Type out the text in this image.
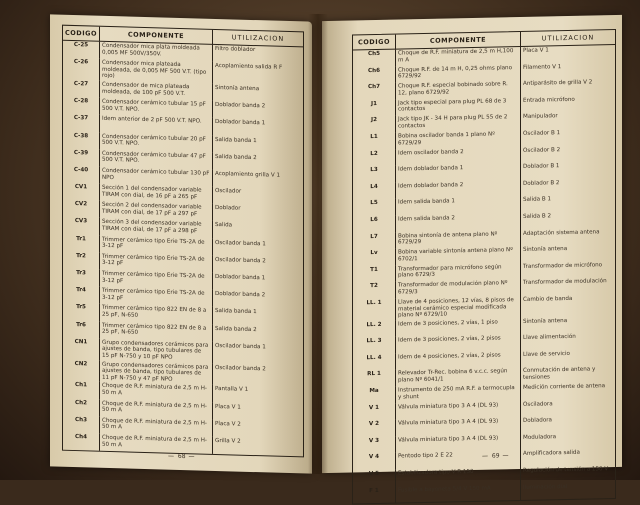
CODIGO	COMPONENTE	UTILIZACION
C-25	Condensador mica plata moldeada 0,005 MF 500V/350V.	Filtro doblador
C-26	Condensador mica plateada moldeada, de 0,005 MF 500 V.T. (tipo rojo)	Acoplamiento salida R F
C-27	Condensador de mica plateada moldeada, de 100 pF 500 V.T.	Sintonía antena
C-28	Condensador cerámico tubular 15 pF 500 V.T. NPO.	Doblador banda 2
C-37	Idem anterior de 2 pF 500 V.T. NPO.	Doblador banda 1
C-38	Condensador cerámico tubular 20 pF 500 V.T. NPO.	Salida banda 1
C-39	Condensador cerámico tubular 47 pF 500 V.T. NPO.	Salida banda 2
C-40	Condensador cerámico tubular 130 pF NPO	Acoplamiento grilla V 1
CV1	Sección 1 del condensador variable TIRAM con dial, de 16 pF a 265 pF	Oscilador
CV2	Sección 2 del condensador variable TIRAM con dial, de 17 pF a 297 pF	Doblador
CV3	Sección 3 del condensador variable TIRAM con dial, de 17 pF a 298 pF	Salida
Tr1	Trimmer cerámico tipo Erie TS-2A de 3-12 pF	Oscilador banda 1
Tr2	Trimmer cerámico tipo Erie TS-2A de 3-12 pF	Oscilador banda 2
Tr3	Trimmer cerámico tipo Erie TS-2A de 3-12 pF	Doblador banda 1
Tr4	Trimmer cerámico tipo Erie TS-2A de 3-12 pF	Doblador banda 2
Tr5	Trimmer cerámico tipo 822 EN de 8 a 25 pF, N-650	Salida banda 1
Tr6	Trimmer cerámico tipo 822 EN de 8 a 25 pF, N-650	Salida banda 2
CN1	Grupo condensadores cerámicos para ajustes de banda, tipo tubulares de 15 pF N-750 y 10 pF NPO	Oscilador banda 1
CN2	Grupo condensadores cerámicos para ajustes de banda, tipo tubulares de 11 pF N-750 y 47 pF NPO	Oscilador banda 2
Ch1	Choque de R.F. miniatura de 2,5 m H-50 m A	Pantalla V 1
Ch2	Choque de R.F. miniatura de 2,5 m H-50 m A	Placa V 1
Ch3	Choque de R.F. miniatura de 2,5 m H-50 m A	Placa V 2
Ch4	Choque de R.F. miniatura de 2,5 m H-50 m A	Grilla V 2
— 68 —
CODIGO	COMPONENTE	UTILIZACION
Ch5	Choque de R.F. miniatura de 2,5 m H,100 m A	Placa V 1
Ch6	Choque R.F. de 14 m H, 0,25 ohms plano 6729/92	Filamento V 1
Ch7	Choque R.F. especial bobinado sobre R. 12, plano 6729/92	Antiparásito de grilla V 2
J1	Jack tipo especial para plug PL 68 de 3 contactos	Entrada micrófono
J2	Jack tipo JK - 34 H para plug PL 55 de 2 contactos	Manipulador
L1	Bobina oscilador banda 1 plano Nº 6729/29	Oscilador B 1
L2	Idem oscilador banda 2	Oscilador B 2
L3	Idem doblador banda 1	Doblador B 1
L4	Idem doblador banda 2	Doblador B 2
L5	Idem salida banda 1	Salida B 1
L6	Idem salida banda 2	Salida B 2
L7	Bobina sintonía de antena plano Nº 6729/29	Adaptación sistema antena
Lv	Bobina variable sintonía antena plano Nº 6702/1	Sintonía antena
T1	Transformador para micrófono según plano 6729/3	Transformador de micrófono
T2	Transformador de modulación plano Nº 6729/3	Transformador de modulación
LL. 1	Llave de 4 posiciones, 12 vías, 8 pisos de material cerámico especial modificada plano Nº 6729/10	Cambio de banda
LL. 2	Idem de 3 posiciones, 2 vías, 1 piso	Sintonía antena
LL. 3	Idem de 3 posiciones, 2 vías, 2 pisos	Llave alimentación
LL. 4	Idem de 4 posiciones, 2 vías, 2 pisos	Llave de servicio
RL 1	Relevador Tr-Rec. bobina 6 v.c.c. según plano Nº 6041/1	Conmutación de antena y tensiones
Ma	Instrumento de 250 mA R.F. a termocupla y shunt	Medición corriente de antena
V 1	Válvula miniatura tipo 3 A 4 (DL 93)	Osciladora
V 2	Válvula miniatura tipo 3 A 4 (DL 93)	Dobladora
V 3	Válvula miniatura tipo 3 A 4 (DL 93)	Moduladora
V 4	Pentodo tipo 2 E 22	Amplificadora salida
V 5	Estabilizadora tipo V R 150	Regulación de tensión a 150 V
F 1	Fusible a bayoneta 5/4 V 150 mA	Iluminación dial
— 69 —
